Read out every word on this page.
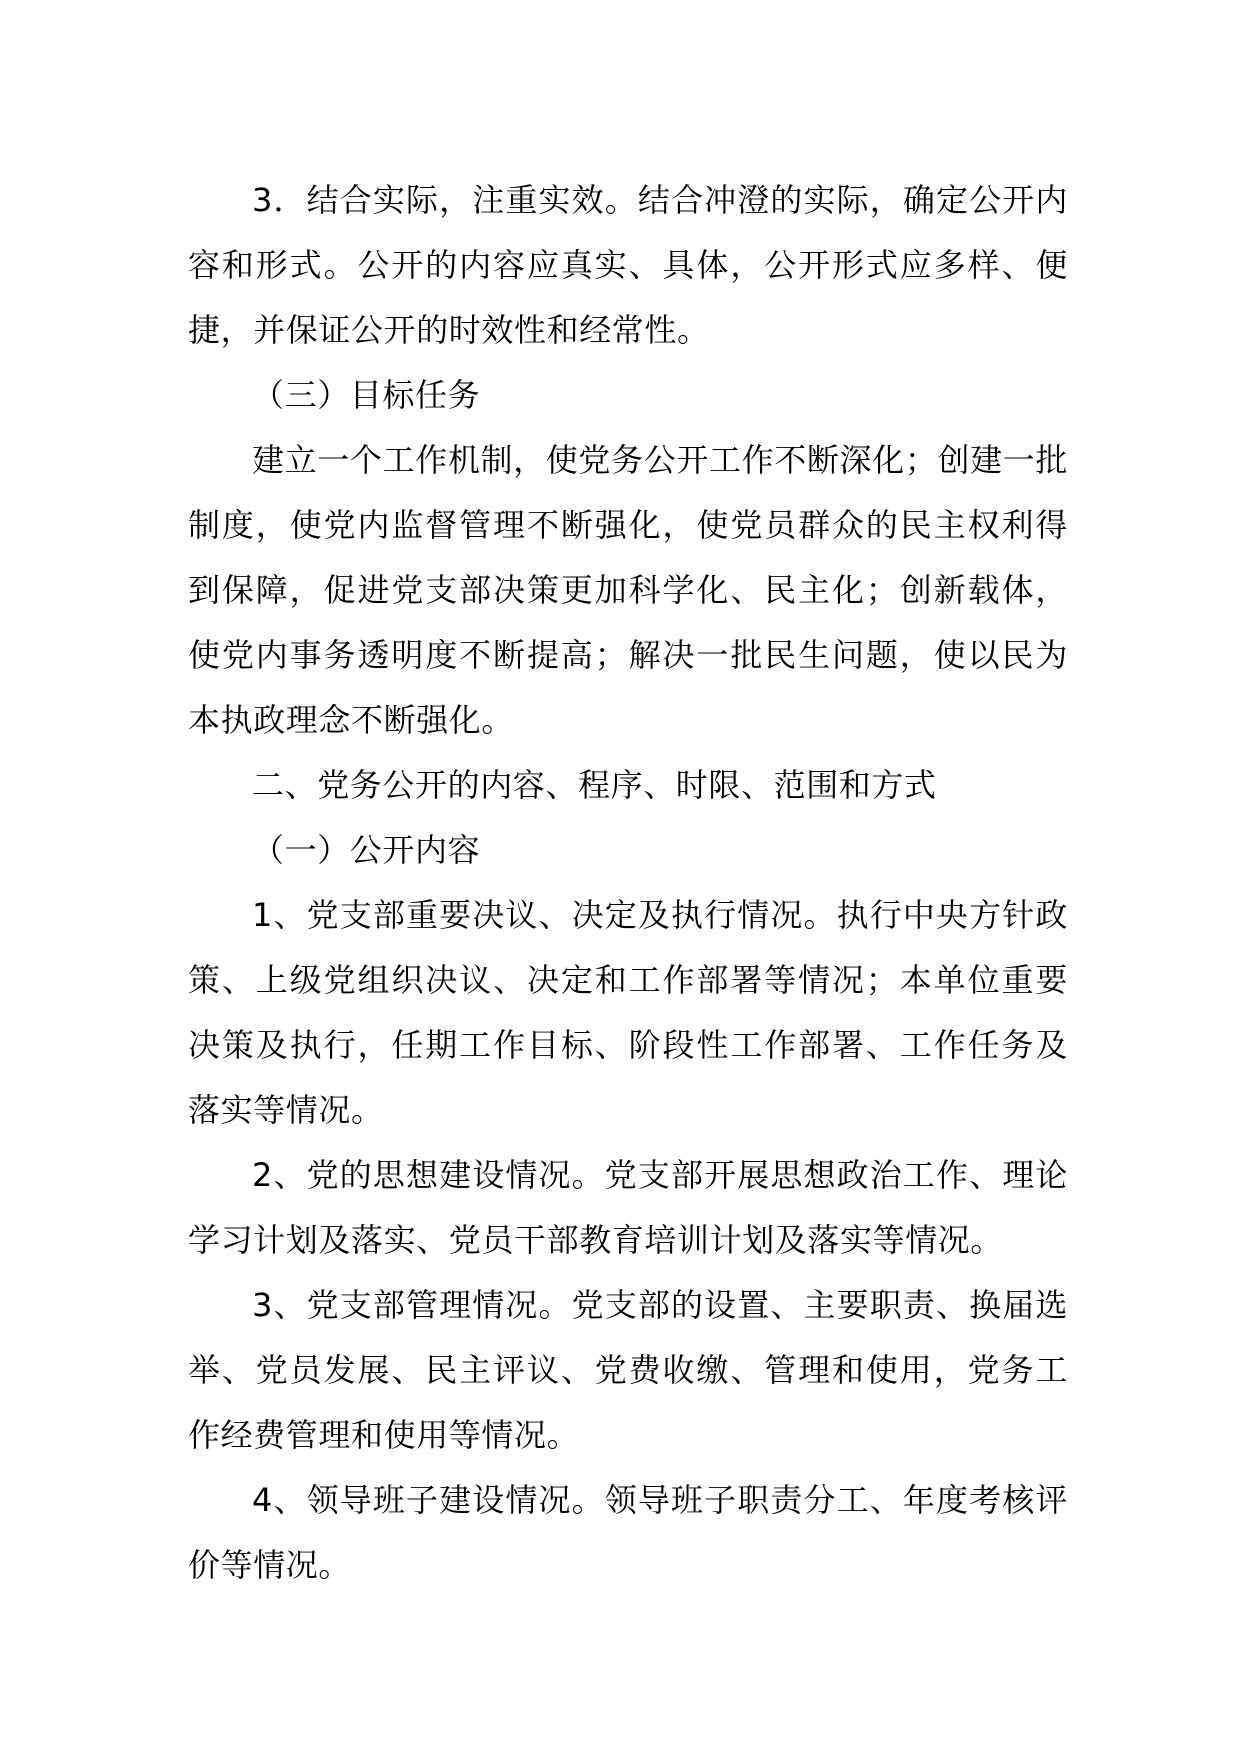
3．结合实际，注重实效。结合冲澄的实际，确定公开内容和形式。公开的内容应真实、具体，公开形式应多样、便捷，并保证公开的时效性和经常性。

（三）目标任务

建立一个工作机制，使党务公开工作不断深化；创建一批制度，使党内监督管理不断强化，使党员群众的民主权利得到保障，促进党支部决策更加科学化、民主化；创新载体，使党内事务透明度不断提高；解决一批民生问题，使以民为本执政理念不断强化。

二、党务公开的内容、程序、时限、范围和方式

（一）公开内容

1、党支部重要决议、决定及执行情况。执行中央方针政策、上级党组织决议、决定和工作部署等情况；本单位重要决策及执行，任期工作目标、阶段性工作部署、工作任务及落实等情况。

2、党的思想建设情况。党支部开展思想政治工作、理论学习计划及落实、党员干部教育培训计划及落实等情况。

3、党支部管理情况。党支部的设置、主要职责、换届选举、党员发展、民主评议、党费收缴、管理和使用，党务工作经费管理和使用等情况。

4、领导班子建设情况。领导班子职责分工、年度考核评价等情况。
